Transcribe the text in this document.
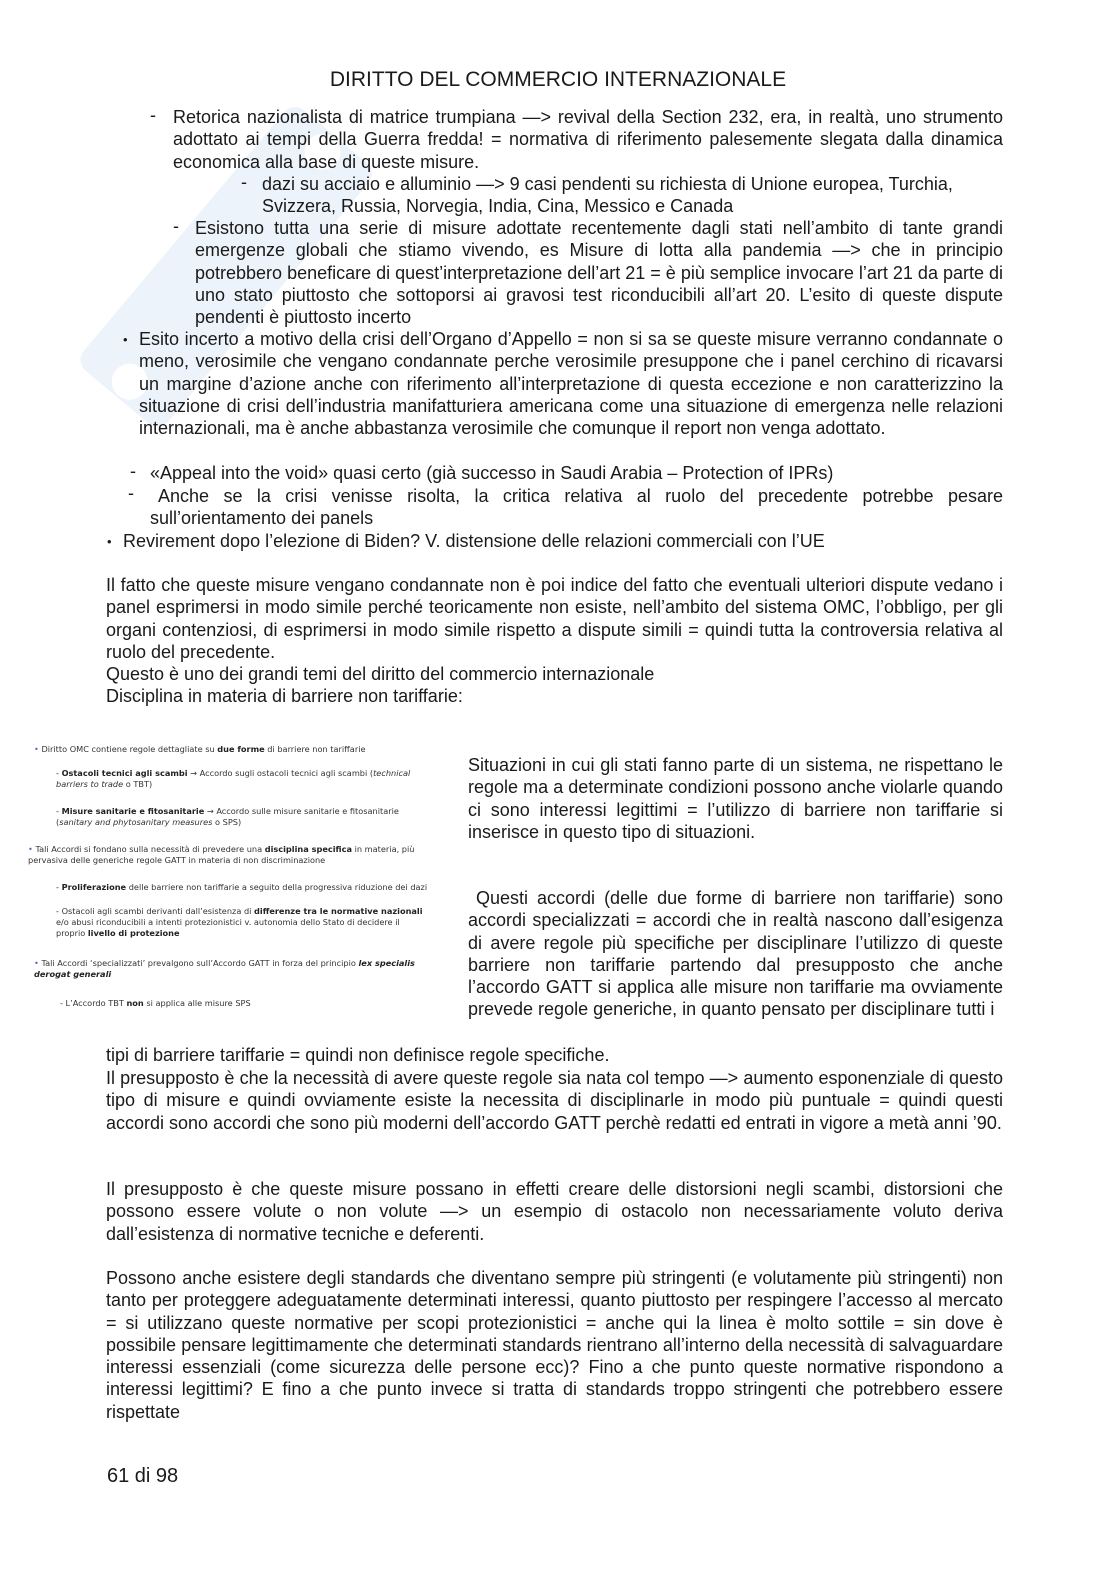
DIRITTO DEL COMMERCIO INTERNAZIONALE
- Retorica nazionalista di matrice trumpiana —> revival della Section 232, era, in realtà, uno strumento adottato ai tempi della Guerra fredda! = normativa di riferimento palesemente slegata dalla dinamica economica alla base di queste misure.

- dazi su acciaio e alluminio —> 9 casi pendenti su richiesta di Unione europea, Turchia, Svizzera, Russia, Norvegia, India, Cina, Messico e Canada

- Esistono tutta una serie di misure adottate recentemente dagli stati nell’ambito di tante grandi emergenze globali che stiamo vivendo, es Misure di lotta alla pandemia —> che in principio potrebbero beneficare di quest’interpretazione dell’art 21 = è più semplice invocare l’art 21 da parte di uno stato piuttosto che sottoporsi ai gravosi test riconducibili all’art 20. L’esito di queste dispute pendenti è piuttosto incerto

• Esito incerto a motivo della crisi dell’Organo d’Appello = non si sa se queste misure verranno condannate o meno, verosimile che vengano condannate perche verosimile presuppone che i panel cerchino di ricavarsi un margine d’azione anche con riferimento all’interpretazione di questa eccezione e non caratterizzino la situazione di crisi dell’industria manifatturiera americana come una situazione di emergenza nelle relazioni internazionali, ma è anche abbastanza verosimile che comunque il report non venga adottato.

- «Appeal into the void» quasi certo (già successo in Saudi Arabia – Protection of IPRs)

-	Anche se la crisi venisse risolta, la critica relativa al ruolo del precedente potrebbe pesare sull’orientamento dei panels

• Revirement dopo l’elezione di Biden? V. distensione delle relazioni commerciali con l’UE

Il fatto che queste misure vengano condannate non è poi indice del fatto che eventuali ulteriori dispute vedano i panel esprimersi in modo simile perché teoricamente non esiste, nell’ambito del sistema OMC, l’obbligo, per gli organi contenziosi, di esprimersi in modo simile rispetto a dispute simili = quindi tutta la controversia relativa al ruolo del precedente.

Questo è uno dei grandi temi del diritto del commercio internazionale

Disciplina in materia di barriere non tariffarie:

• Diritto OMC contiene regole dettagliate su due forme di barriere non tariffarie
- Ostacoli tecnici agli scambi → Accordo sugli ostacoli tecnici agli scambi (technical barriers to trade o TBT)
- Misure sanitarie e fitosanitarie → Accordo sulle misure sanitarie e fitosanitarie (sanitary and phytosanitary measures o SPS)
• Tali Accordi si fondano sulla necessità di prevedere una disciplina specifica in materia, più pervasiva delle generiche regole GATT in materia di non discriminazione
- Proliferazione delle barriere non tariffarie a seguito della progressiva riduzione dei dazi
- Ostacoli agli scambi derivanti dall’esistenza di differenze tra le normative nazionali e/o abusi riconducibili a intenti protezionistici v. autonomia dello Stato di decidere il proprio livello di protezione
• Tali Accordi ‘specializzati’ prevalgono sull’Accordo GATT in forza del principio lex specialis derogat generali
- L’Accordo TBT non si applica alle misure SPS

Situazioni in cui gli stati fanno parte di un sistema, ne rispettano le regole ma a determinate condizioni possono anche violarle quando ci sono interessi legittimi = l’utilizzo di barriere non tariffarie si inserisce in questo tipo di situazioni.

Questi accordi (delle due forme di barriere non tariffarie) sono accordi specializzati = accordi che in realtà nascono dall’esigenza di avere regole più specifiche per disciplinare l’utilizzo di queste barriere non tariffarie partendo dal presupposto che anche l’accordo GATT si applica alle misure non tariffarie ma ovviamente prevede regole generiche, in quanto pensato per disciplinare tutti i

tipi di barriere tariffarie = quindi non definisce regole specifiche.

Il presupposto è che la necessità di avere queste regole sia nata col tempo —> aumento esponenziale di questo tipo di misure e quindi ovviamente esiste la necessita di disciplinarle in modo più puntuale = quindi questi accordi sono accordi che sono più moderni dell’accordo GATT perchè redatti ed entrati in vigore a metà anni ’90.

Il presupposto è che queste misure possano in effetti creare delle distorsioni negli scambi, distorsioni che possono essere volute o non volute —> un esempio di ostacolo non necessariamente voluto deriva dall’esistenza di normative tecniche e deferenti.

Possono anche esistere degli standards che diventano sempre più stringenti (e volutamente più stringenti) non tanto per proteggere adeguatamente determinati interessi, quanto piuttosto per respingere l’accesso al mercato = si utilizzano queste normative per scopi protezionistici = anche qui la linea è molto sottile = sin dove è possibile pensare legittimamente che determinati standards rientrano all’interno della necessità di salvaguardare interessi essenziali (come sicurezza delle persone ecc)? Fino a che punto queste normative rispondono a interessi legittimi? E fino a che punto invece si tratta di standards troppo stringenti che potrebbero essere rispettate

61 di 98
